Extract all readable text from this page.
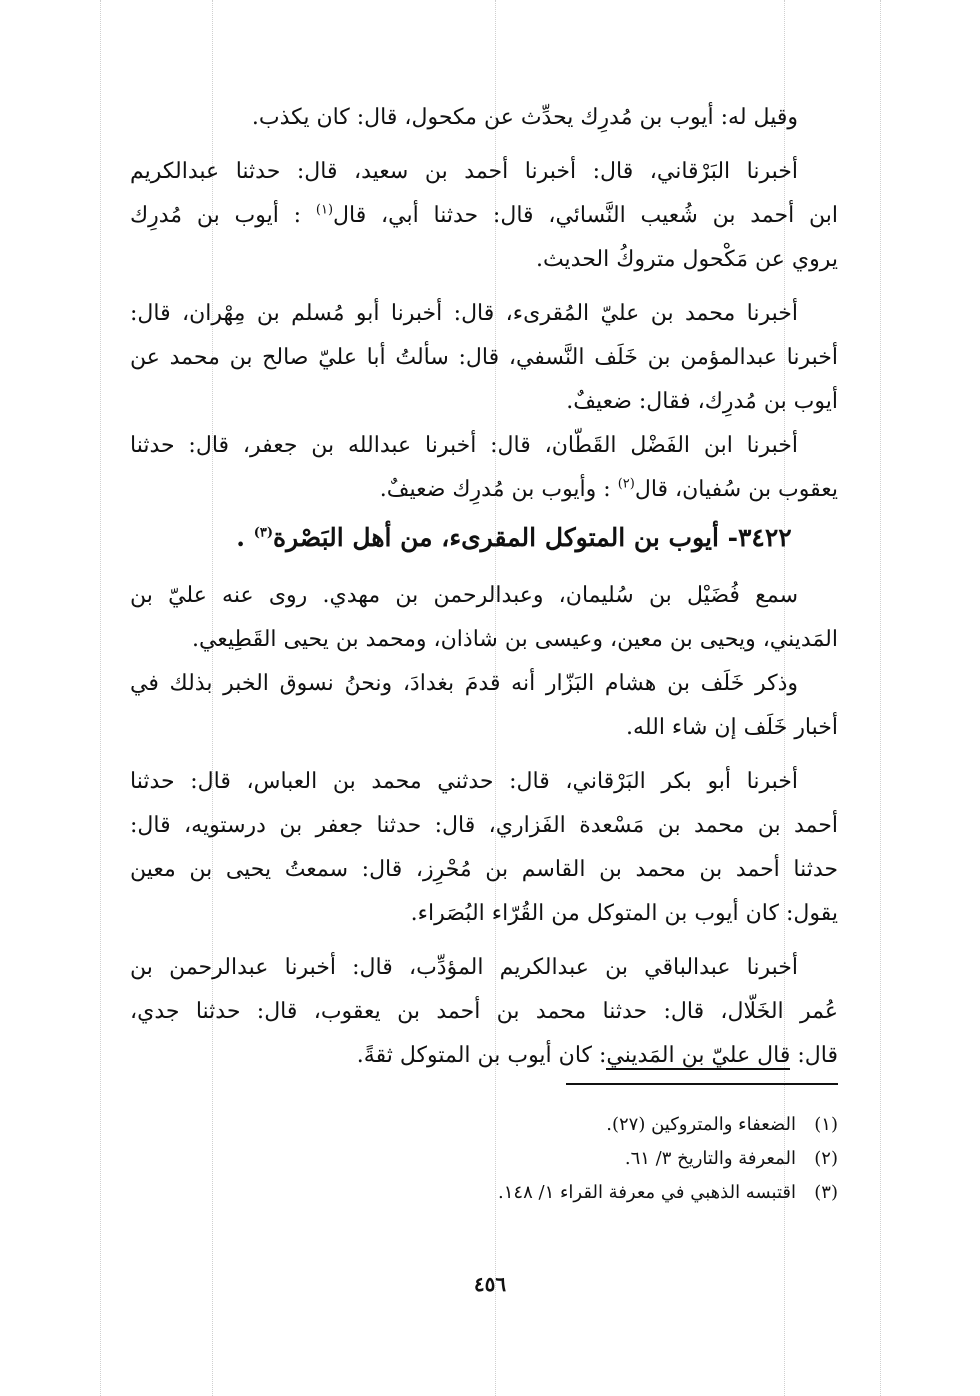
وقيل له: أيوب بن مُدرِك يحدِّث عن مكحول، قال: كان يكذب.
أخبرنا البَرْقاني، قال: أخبرنا أحمد بن سعيد، قال: حدثنا عبدالكريم
ابن أحمد بن شُعيب النَّسائي، قال: حدثنا أبي، قال$^{(١)}$ : أيوب بن مُدرِك
يروي عن مَكْحول متروكُ الحديث.
أخبرنا محمد بن عليّ المُقرىء، قال: أخبرنا أبو مُسلم بن مِهْران، قال:
أخبرنا عبدالمؤمن بن خَلَف النَّسفي، قال: سألتُ أبا عليّ صالح بن محمد عن
أيوب بن مُدرِك، فقال: ضعيفٌ.
أخبرنا ابن الفَضْل القَطّان، قال: أخبرنا عبدالله بن جعفر، قال: حدثنا
يعقوب بن سُفيان، قال$^{(٢)}$ : وأيوب بن مُدرِك ضعيفٌ.
٣٤٢٢- أيوب بن المتوكل المقرىء، من أهل البَصْرة$^{(٣)}$ .
سمع فُضَيْل بن سُليمان، وعبدالرحمن بن مهدي. روى عنه عليّ بن
المَديني، ويحيى بن معين، وعيسى بن شاذان، ومحمد بن يحيى القَطِيعي.
وذكر خَلَف بن هشام البَزّار أنه قدمَ بغدادَ، ونحنُ نسوق الخبر بذلك في
أخبار خَلَف إن شاء الله.
أخبرنا أبو بكر البَرْقاني، قال: حدثني محمد بن العباس، قال: حدثنا
أحمد بن محمد بن مَسْعدة الفَزاري، قال: حدثنا جعفر بن درستويه، قال:
حدثنا أحمد بن محمد بن القاسم بن مُحْرِز، قال: سمعتُ يحيى بن معين
يقول: كان أيوب بن المتوكل من القُرّاء البُصَراء.
أخبرنا عبدالباقي بن عبدالكريم المؤدِّب، قال: أخبرنا عبدالرحمن بن
عُمر الخَلّال، قال: حدثنا محمد بن أحمد بن يعقوب، قال: حدثنا جدي،
قال: قال عليّ بن المَديني: كان أيوب بن المتوكل ثقةً.
(١)الضعفاء والمتروكين (٢٧).
(٢)المعرفة والتاريخ ٣/ ٦١.
(٣)اقتبسه الذهبي في معرفة القراء ١/ ١٤٨.
٤٥٦
